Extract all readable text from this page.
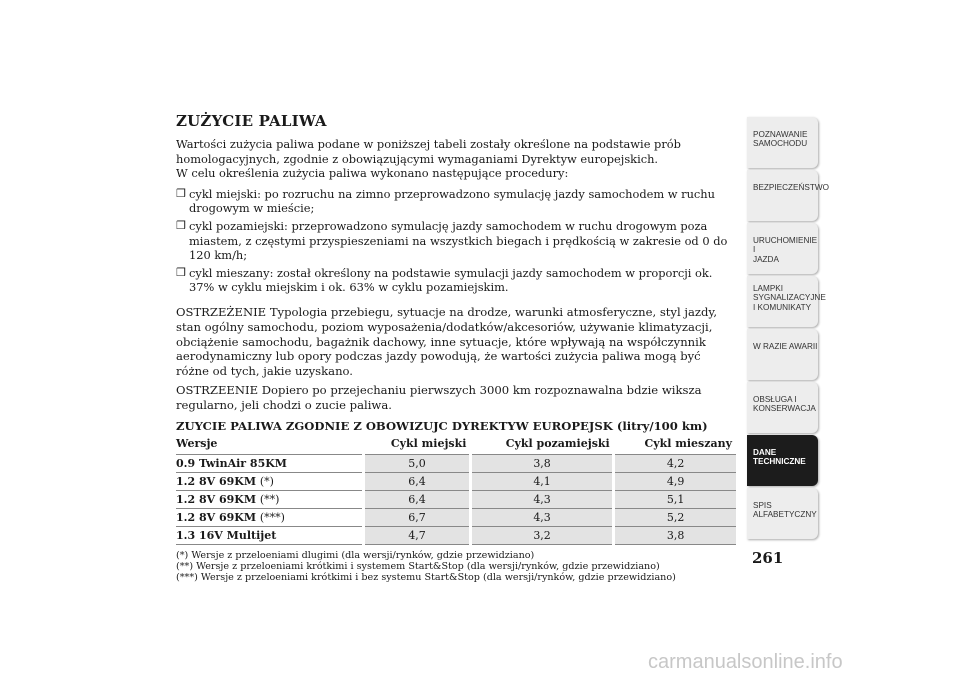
ZUŻYCIE PALIWA

Wartości zużycia paliwa podane w poniższej tabeli zostały określone na podstawie prób homologacyjnych, zgodnie z obowiązującymi wymaganiami Dyrektyw europejskich.

W celu określenia zużycia paliwa wykonano następujące procedury:

❒ cykl miejski: po rozruchu na zimno przeprowadzono symulację jazdy samochodem w ruchu drogowym w mieście;
❒ cykl pozamiejski: przeprowadzono symulację jazdy samochodem w ruchu drogowym poza miastem, z częstymi przyspieszeniami na wszystkich biegach i prędkością w zakresie od 0 do 120 km/h;
❒ cykl mieszany: został określony na podstawie symulacji jazdy samochodem w proporcji ok. 37% w cyklu miejskim i ok. 63% w cyklu pozamiejskim.

OSTRZEŻENIE Typologia przebiegu, sytuacje na drodze, warunki atmosferyczne, styl jazdy, stan ogólny samochodu, poziom wyposażenia/dodatków/akcesoriów, używanie klimatyzacji, obciążenie samochodu, bagażnik dachowy, inne sytuacje, które wpływają na współczynnik aerodynamiczny lub opory podczas jazdy powodują, że wartości zużycia paliwa mogą być różne od tych, jakie uzyskano.

OSTRZEENIE Dopiero po przejechaniu pierwszych 3000 km rozpoznawalna bdzie wiksza regularno, jeli chodzi o zucie paliwa.

ZUYCIE PALIWA ZGODNIE Z OBOWIZUJC DYREKTYW EUROPEJSK (litry/100 km)
Wersje	Cykl miejski	Cykl pozamiejski	Cykl mieszany
0.9 TwinAir 85KM	5,0	3,8	4,2
1.2 8V 69KM (*)	6,4	4,1	4,9
1.2 8V 69KM (**)	6,4	4,3	5,1
1.2 8V 69KM (***)	6,7	4,3	5,2
1.3 16V Multijet	4,7	3,2	3,8
(*) Wersje z przeloeniami dlugimi (dla wersji/rynków, gdzie przewidziano)
(**) Wersje z przeloeniami krótkimi i systemem Start&Stop (dla wersji/rynków, gdzie przewidziano)
(***) Wersje z przeloeniami krótkimi i bez systemu Start&Stop (dla wersji/rynków, gdzie przewidziano)
POZNAWANIE
SAMOCHODU
BEZPIECZEŃSTWO
URUCHOMIENIE I
JAZDA
LAMPKI
SYGNALIZACYJNE
I KOMUNIKATY
W RAZIE AWARII
OBSŁUGA I
KONSERWACJA
DANE
TECHNICZNE
SPIS
ALFABETYCZNY
261
carmanualsonline.info
